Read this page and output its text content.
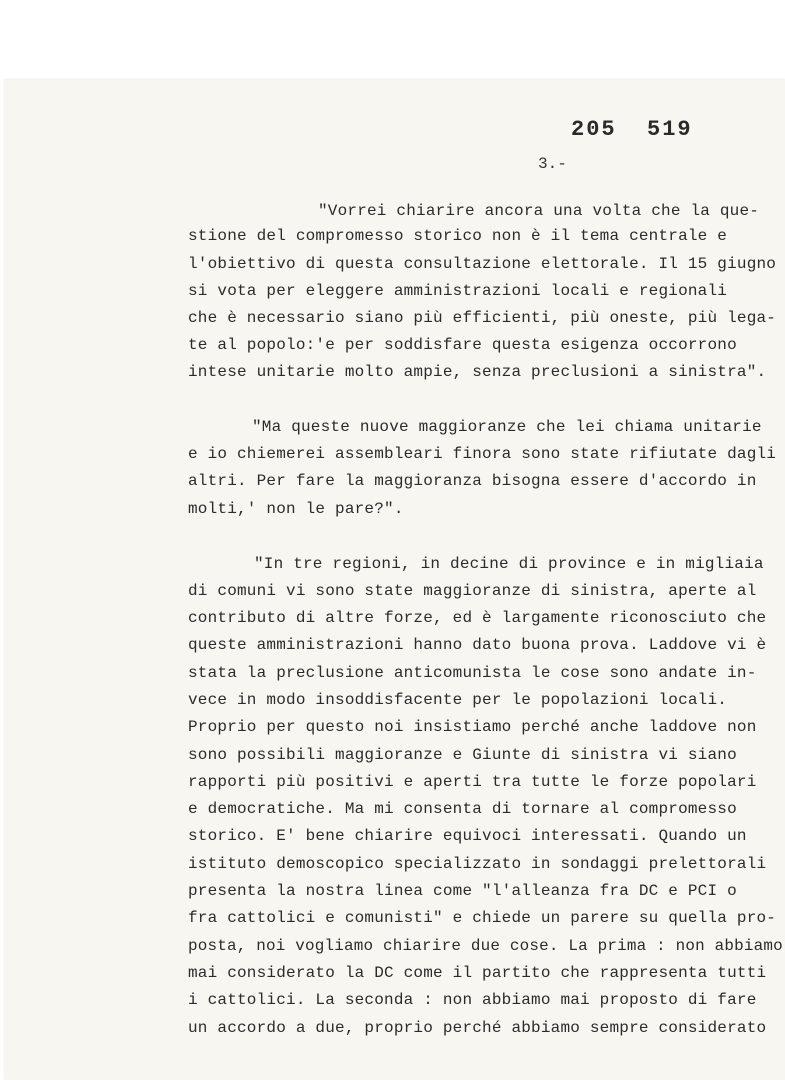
205  519
3.-
"Vorrei chiarire ancora una volta che la que-
stione del compromesso storico non è il tema centrale e
l'obiettivo di questa consultazione elettorale. Il 15 giugno
si vota per eleggere amministrazioni locali e regionali
che è necessario siano più efficienti, più oneste, più lega-
te al popolo:'e per soddisfare questa esigenza occorrono
intese unitarie molto ampie, senza preclusioni a sinistra".
"Ma queste nuove maggioranze che lei chiama unitarie
e io chiemerei assembleari finora sono state rifiutate dagli
altri. Per fare la maggioranza bisogna essere d'accordo in
molti,' non le pare?".
"In tre regioni, in decine di province e in migliaia
di comuni vi sono state maggioranze di sinistra, aperte al
contributo di altre forze, ed è largamente riconosciuto che
queste amministrazioni hanno dato buona prova. Laddove vi è
stata la preclusione anticomunista le cose sono andate in-
vece in modo insoddisfacente per le popolazioni locali.
Proprio per questo noi insistiamo perché anche laddove non
sono possibili maggioranze e Giunte di sinistra vi siano
rapporti più positivi e aperti tra tutte le forze popolari
e democratiche. Ma mi consenta di tornare al compromesso
storico. E' bene chiarire equivoci interessati. Quando un
istituto demoscopico specializzato in sondaggi prelettorali
presenta la nostra linea come "l'alleanza fra DC e PCI o
fra cattolici e comunisti" e chiede un parere su quella pro-
posta, noi vogliamo chiarire due cose. La prima : non abbiamo
mai considerato la DC come il partito che rappresenta tutti
i cattolici. La seconda : non abbiamo mai proposto di fare
un accordo a due, proprio perché abbiamo sempre considerato
